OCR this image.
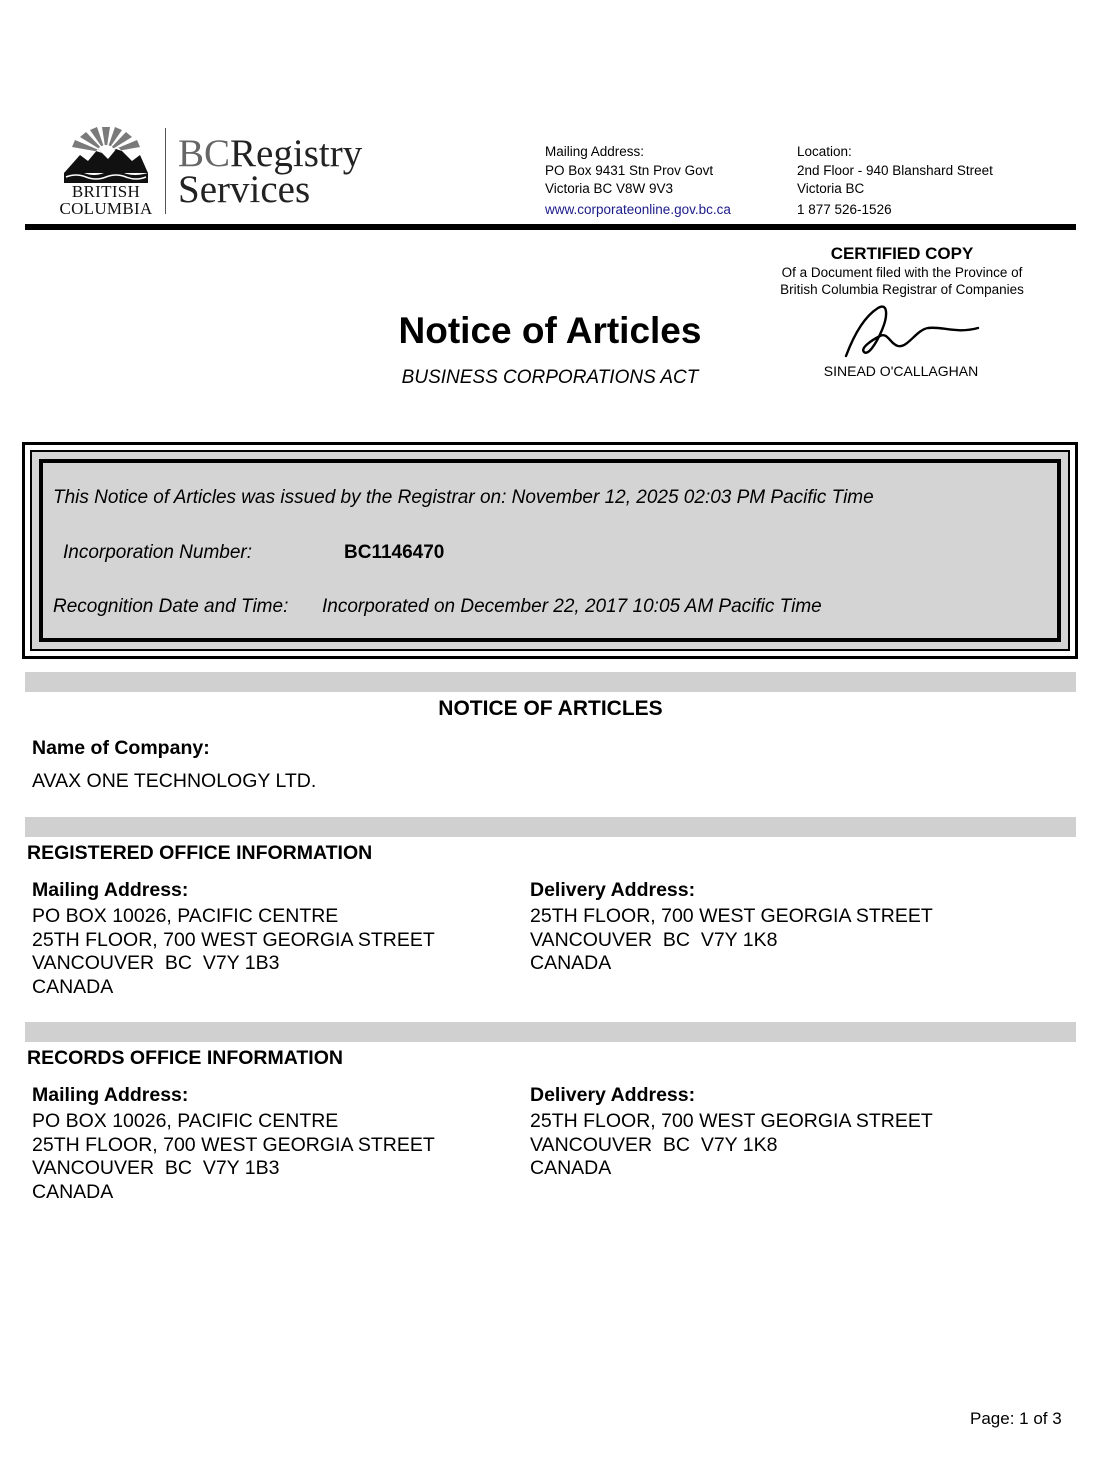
BRITISH
COLUMBIA
BCRegistry
Services
Mailing Address:
PO Box 9431 Stn Prov Govt
Victoria BC V8W 9V3
www.corporateonline.gov.bc.ca
Location:
2nd Floor - 940 Blanshard Street
Victoria BC
1 877 526-1526
CERTIFIED COPY
Of a Document filed with the Province of
British Columbia Registrar of Companies
SINEAD O'CALLAGHAN
Notice of Articles
BUSINESS CORPORATIONS ACT
This Notice of Articles was issued by the Registrar on: November 12, 2025 02:03 PM Pacific Time
Incorporation Number:	BC1146470
Recognition Date and Time: Incorporated on December 22, 2017 10:05 AM Pacific Time
NOTICE OF ARTICLES
Name of Company:
AVAX ONE TECHNOLOGY LTD.
REGISTERED OFFICE INFORMATION
Mailing Address:
PO BOX 10026, PACIFIC CENTRE
25TH FLOOR, 700 WEST GEORGIA STREET
VANCOUVER  BC  V7Y 1B3
CANADA
Delivery Address:
25TH FLOOR, 700 WEST GEORGIA STREET
VANCOUVER  BC  V7Y 1K8
CANADA
RECORDS OFFICE INFORMATION
Mailing Address:
PO BOX 10026, PACIFIC CENTRE
25TH FLOOR, 700 WEST GEORGIA STREET
VANCOUVER  BC  V7Y 1B3
CANADA
Delivery Address:
25TH FLOOR, 700 WEST GEORGIA STREET
VANCOUVER  BC  V7Y 1K8
CANADA
Page: 1 of 3
